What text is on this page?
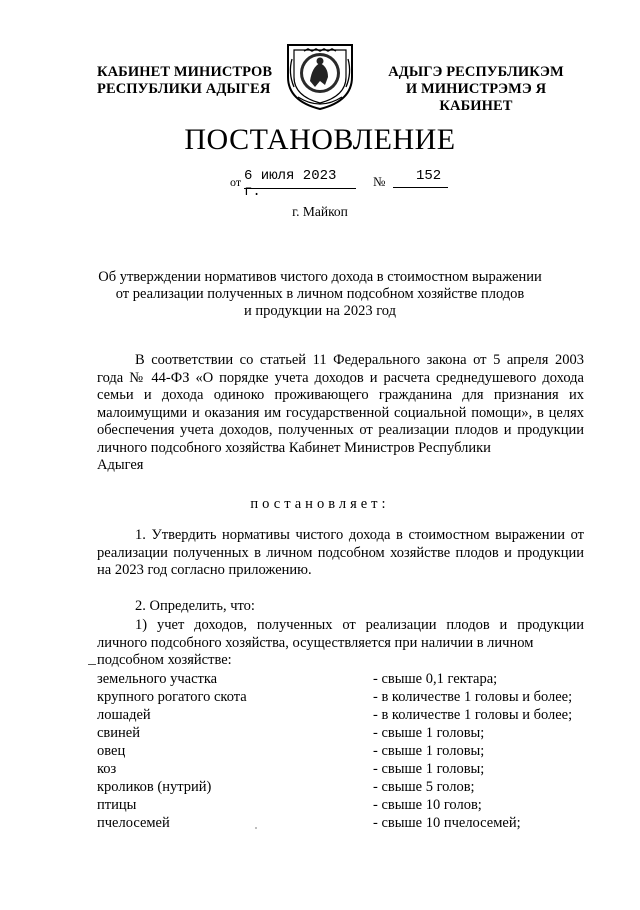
КАБИНЕТ МИНИСТРОВ
РЕСПУБЛИКИ АДЫГЕЯ
АДЫГЭ РЕСПУБЛИКЭМ
И МИНИСТРЭМЭ Я КАБИНЕТ
ПОСТАНОВЛЕНИЕ
от 6 июля 2023 г.
№	152
г. Майкоп
Об утверждении нормативов чистого дохода в стоимостном выражении
от реализации полученных в личном подсобном хозяйстве плодов
и продукции на 2023 год
В соответствии со статьей 11 Федерального закона от 5 апреля 2003 года № 44-ФЗ «О порядке учета доходов и расчета среднедушевого дохода семьи и дохода одиноко проживающего гражданина для признания их малоимущими и оказания им государственной социальной помощи», в целях обеспечения учета доходов, полученных от реализации плодов и продукции личного подсобного хозяйства Кабинет Министров Республики
Адыгея
постановляет:
1. Утвердить нормативы чистого дохода в стоимостном выражении от реализации полученных в личном подсобном хозяйстве плодов и продукции на 2023 год согласно приложению.
2. Определить, что:
1) учет доходов, полученных от реализации плодов и продукции личного подсобного хозяйства, осуществляется при наличии в личном
подсобном хозяйстве:
земельного участка	- свыше 0,1 гектара;
крупного рогатого скота	- в количестве 1 головы и более;
лошадей	- в количестве 1 головы и более;
свиней	- свыше 1 головы;
овец	- свыше 1 головы;
коз	- свыше 1 головы;
кроликов (нутрий)	- свыше 5 голов;
птицы	- свыше 10 голов;
пчелосемей	- свыше 10 пчелосемей;
